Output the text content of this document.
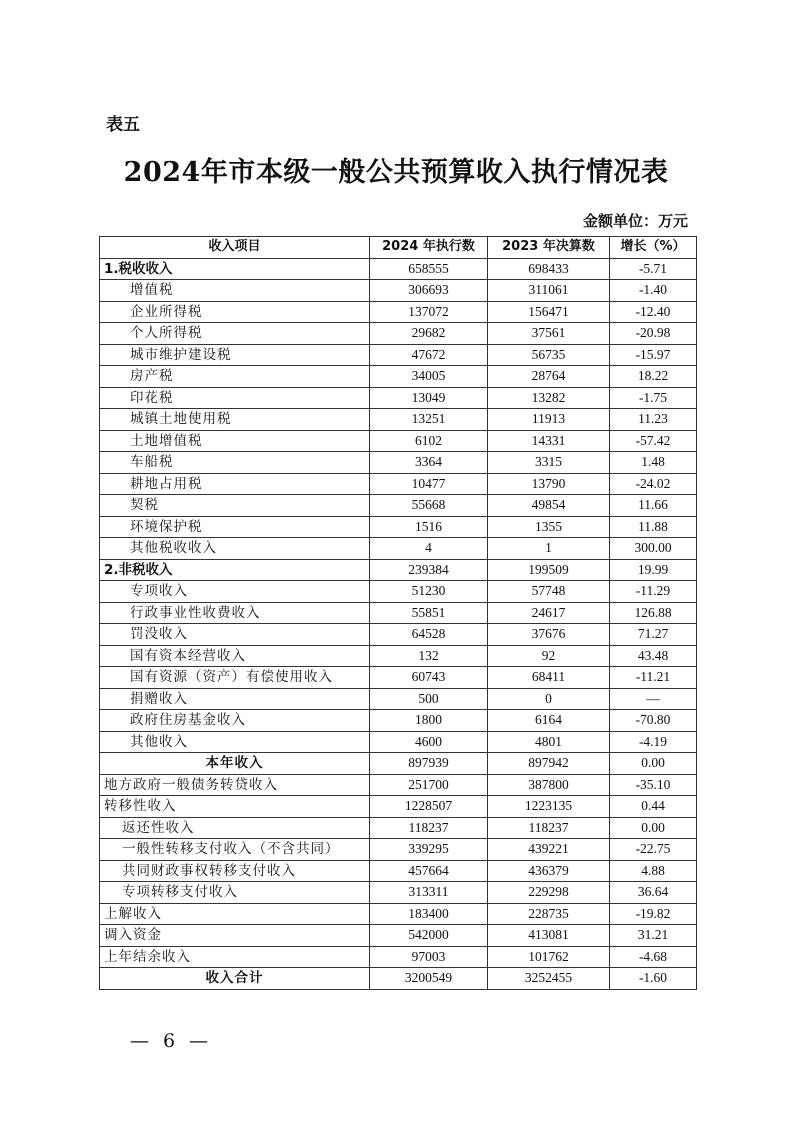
表五
2024年市本级一般公共预算收入执行情况表
金额单位：万元
收入项目	2024 年执行数	2023 年决算数	增长（%）
1.税收收入	658555	698433	-5.71
增值税	306693	311061	-1.40
企业所得税	137072	156471	-12.40
个人所得税	29682	37561	-20.98
城市维护建设税	47672	56735	-15.97
房产税	34005	28764	18.22
印花税	13049	13282	-1.75
城镇土地使用税	13251	11913	11.23
土地增值税	6102	14331	-57.42
车船税	3364	3315	1.48
耕地占用税	10477	13790	-24.02
契税	55668	49854	11.66
环境保护税	1516	1355	11.88
其他税收收入	4	1	300.00
2.非税收入	239384	199509	19.99
专项收入	51230	57748	-11.29
行政事业性收费收入	55851	24617	126.88
罚没收入	64528	37676	71.27
国有资本经营收入	132	92	43.48
国有资源（资产）有偿使用收入	60743	68411	-11.21
捐赠收入	500	0	—
政府住房基金收入	1800	6164	-70.80
其他收入	4600	4801	-4.19
本年收入	897939	897942	0.00
地方政府一般债务转贷收入	251700	387800	-35.10
转移性收入	1228507	1223135	0.44
返还性收入	118237	118237	0.00
一般性转移支付收入（不含共同）	339295	439221	-22.75
共同财政事权转移支付收入	457664	436379	4.88
专项转移支付收入	313311	229298	36.64
上解收入	183400	228735	-19.82
调入资金	542000	413081	31.21
上年结余收入	97003	101762	-4.68
收入合计	3200549	3252455	-1.60
— 6 —
